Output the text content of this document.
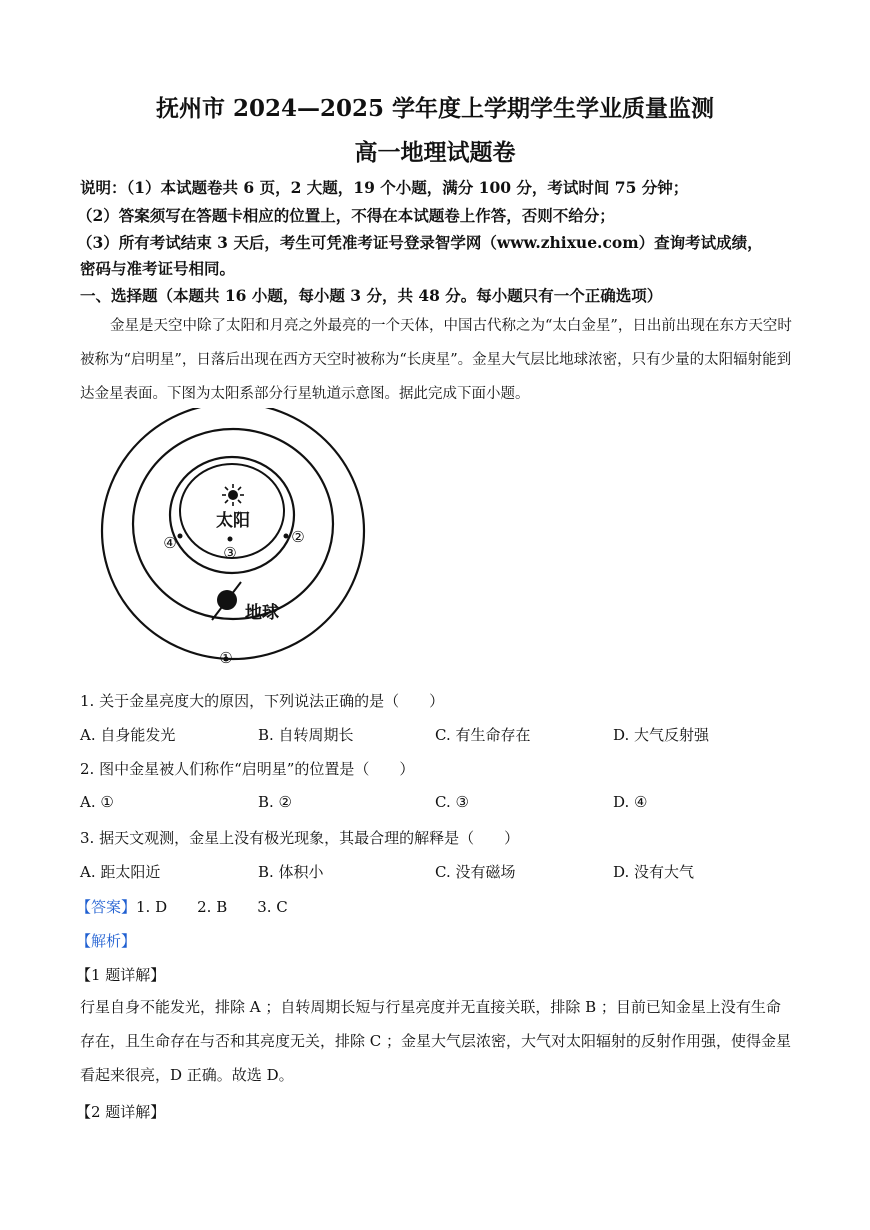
抚州市 2024—2025 学年度上学期学生学业质量监测
高一地理试题卷
说明：（1）本试题卷共 6 页，2 大题，19 个小题，满分 100 分，考试时间 75 分钟；
（2）答案须写在答题卡相应的位置上，不得在本试题卷上作答，否则不给分；
（3）所有考试结束 3 天后，考生可凭准考证号登录智学网（www.zhixue.com）查询考试成绩，
密码与准考证号相同。
一、选择题（本题共 16 小题，每小题 3 分，共 48 分。每小题只有一个正确选项）
金星是天空中除了太阳和月亮之外最亮的一个天体，中国古代称之为“太白金星”，日出前出现在东方天空时被称为“启明星”，日落后出现在西方天空时被称为“长庚星”。金星大气层比地球浓密，只有少量的太阳辐射能到达金星表面。下图为太阳系部分行星轨道示意图。据此完成下面小题。
太阳
②
④
③
地球
①
1. 关于金星亮度大的原因，下列说法正确的是（　　）
A. 自身能发光	B. 自转周期长	C. 有生命存在	D. 大气反射强
2. 图中金星被人们称作“启明星”的位置是（　　）
A. ①	B. ②	C. ③	D. ④
3. 据天文观测，金星上没有极光现象，其最合理的解释是（　　）
A. 距太阳近	B. 体积小	C. 没有磁场	D. 没有大气
【答案】1. D　　2. B　　3. C
【解析】
【1 题详解】
行星自身不能发光，排除 A ；自转周期长短与行星亮度并无直接关联，排除 B ；目前已知金星上没有生命存在，且生命存在与否和其亮度无关，排除 C ；金星大气层浓密，大气对太阳辐射的反射作用强，使得金星看起来很亮，D 正确。故选 D。
【2 题详解】
